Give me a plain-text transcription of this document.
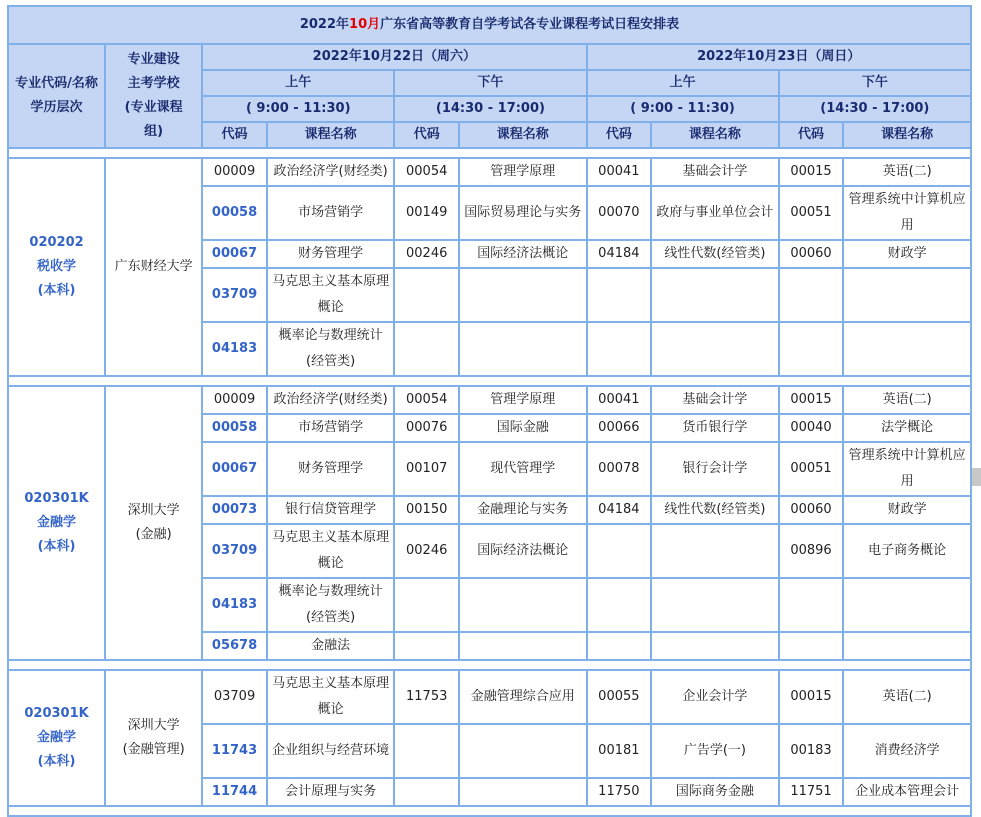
2022年10月广东省高等教育自学考试各专业课程考试日程安排表									
专业代码/名称
学历层次	专业建设
主考学校
(专业课程
组)	2022年10月22日（周六）				2022年10月23日（周日）			
		上午		下午		上午		下午	
		( 9:00 - 11:30)		(14:30 - 17:00)		( 9:00 - 11:30)		(14:30 - 17:00)	
		代码	课程名称	代码	课程名称	代码	课程名称	代码	课程名称

020202
税收学
(本科)	广东财经大学	00009	政治经济学(财经类)	00054	管理学原理	00041	基础会计学	00015	英语(二)
		00058	市场营销学	00149	国际贸易理论与实务	00070	政府与事业单位会计	00051	管理系统中计算机应用
		00067	财务管理学	00246	国际经济法概论	04184	线性代数(经管类)	00060	财政学
		03709	马克思主义基本原理概论						
		04183	概率论与数理统计(经管类)						

020301K
金融学
(本科)	深圳大学
(金融)	00009	政治经济学(财经类)	00054	管理学原理	00041	基础会计学	00015	英语(二)
		00058	市场营销学	00076	国际金融	00066	货币银行学	00040	法学概论
		00067	财务管理学	00107	现代管理学	00078	银行会计学	00051	管理系统中计算机应用
		00073	银行信贷管理学	00150	金融理论与实务	04184	线性代数(经管类)	00060	财政学
		03709	马克思主义基本原理概论	00246	国际经济法概论			00896	电子商务概论
		04183	概率论与数理统计(经管类)						
		05678	金融法						

020301K
金融学
(本科)	深圳大学
(金融管理)	03709	马克思主义基本原理概论	11753	金融管理综合应用	00055	企业会计学	00015	英语(二)
		11743	企业组织与经营环境			00181	广告学(一)	00183	消费经济学
		11744	会计原理与实务			11750	国际商务金融	11751	企业成本管理会计
